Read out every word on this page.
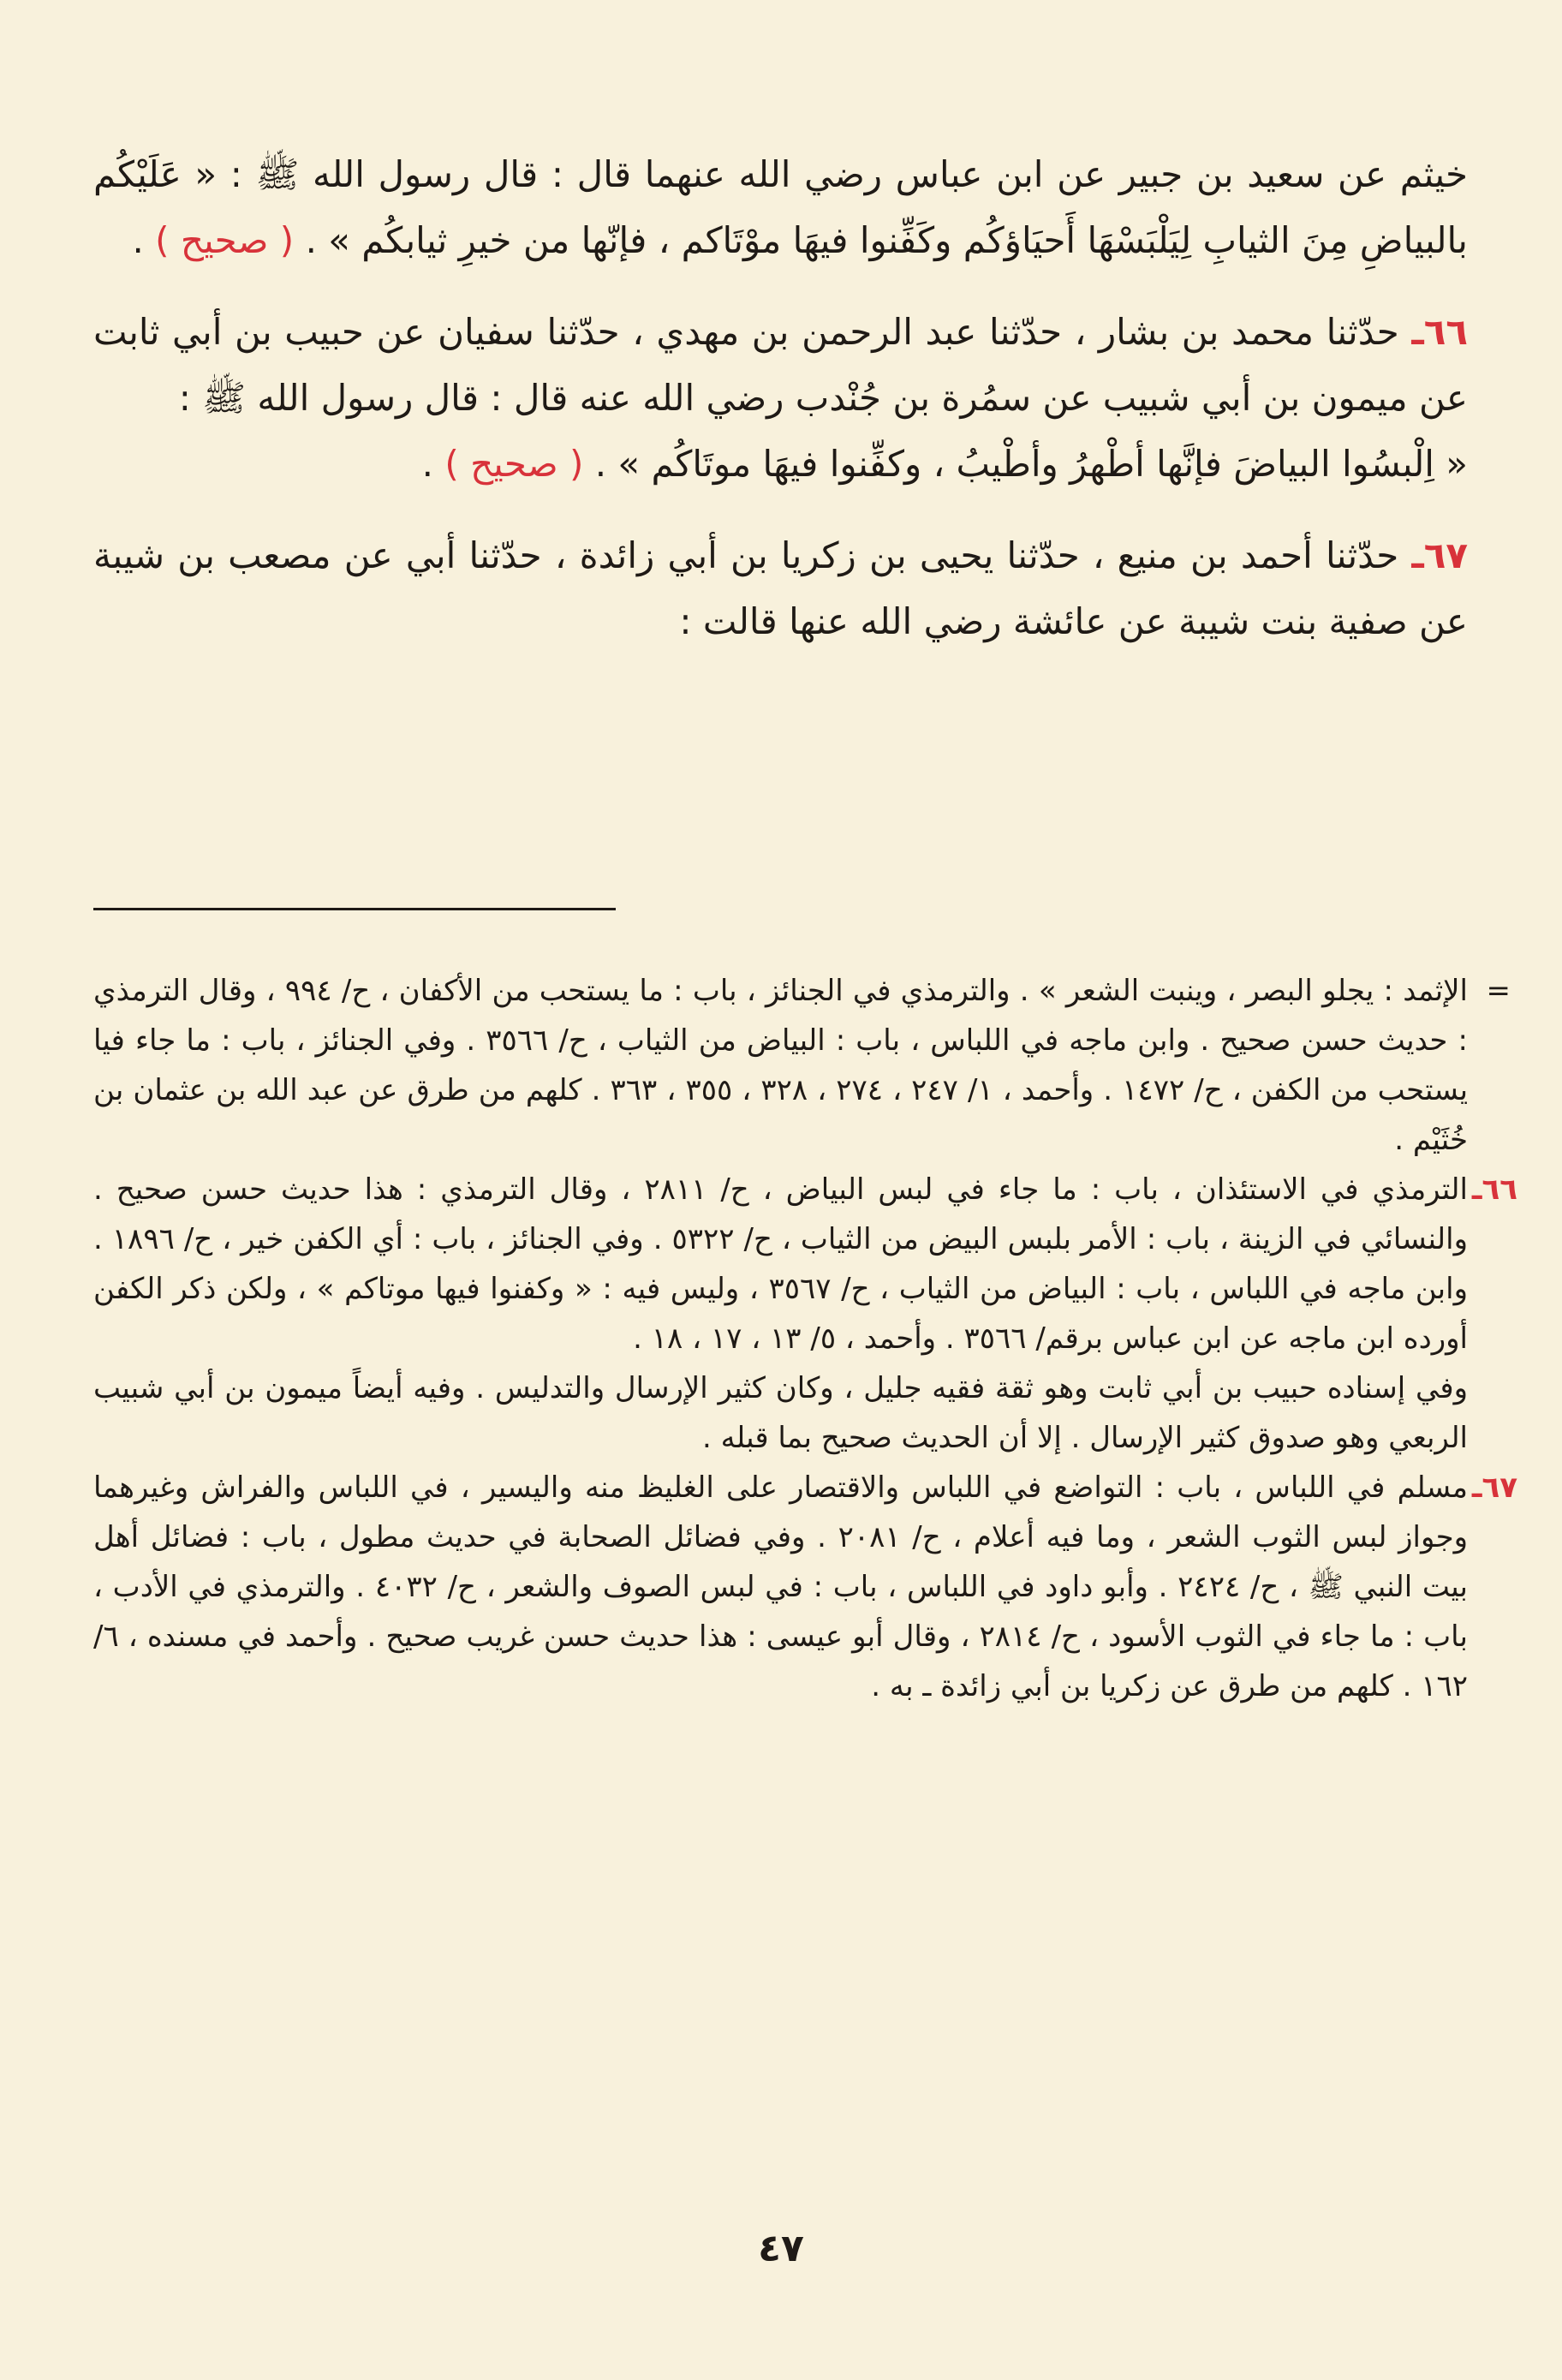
خيثم عن سعيد بن جبير عن ابن عباس رضي الله عنهما قال : قال رسول الله ﷺ : « عَلَيْكُم بالبياضِ مِنَ الثيابِ لِيَلْبَسْهَا أَحيَاؤكُم وكَفِّنوا فيهَا موْتَاكم ، فإنّها من خيرِ ثيابكُم » . ( صحيح ) .

٦٦ـ حدّثنا محمد بن بشار ، حدّثنا عبد الرحمن بن مهدي ، حدّثنا سفيان عن حبيب بن أبي ثابت عن ميمون بن أبي شبيب عن سمُرة بن جُنْدب رضي الله عنه قال : قال رسول الله ﷺ :

« اِلْبسُوا البياضَ فإنَّها أطْهرُ وأطْيبُ ، وكفِّنوا فيهَا موتَاكُم » . ( صحيح ) .

٦٧ـ حدّثنا أحمد بن منيع ، حدّثنا يحيى بن زكريا بن أبي زائدة ، حدّثنا أبي عن مصعب بن شيبة عن صفية بنت شيبة عن عائشة رضي الله عنها قالت :

=
الإثمد : يجلو البصر ، وينبت الشعر » . والترمذي في الجنائز ، باب : ما يستحب من الأكفان ، ح/ ٩٩٤ ، وقال الترمذي : حديث حسن صحيح . وابن ماجه في اللباس ، باب : البياض من الثياب ، ح/ ٣٥٦٦ . وفي الجنائز ، باب : ما جاء فيا يستحب من الكفن ، ح/ ١٤٧٢ . وأحمد ، ١/ ٢٤٧ ، ٢٧٤ ، ٣٢٨ ، ٣٥٥ ، ٣٦٣ . كلهم من طرق عن عبد الله بن عثمان بن خُثَيْم .

٦٦ـ
الترمذي في الاستئذان ، باب : ما جاء في لبس البياض ، ح/ ٢٨١١ ، وقال الترمذي : هذا حديث حسن صحيح . والنسائي في الزينة ، باب : الأمر بلبس البيض من الثياب ، ح/ ٥٣٢٢ . وفي الجنائز ، باب : أي الكفن خير ، ح/ ١٨٩٦ . وابن ماجه في اللباس ، باب : البياض من الثياب ، ح/ ٣٥٦٧ ، وليس فيه : « وكفنوا فيها موتاكم » ، ولكن ذكر الكفن أورده ابن ماجه عن ابن عباس برقم/ ٣٥٦٦ . وأحمد ، ٥/ ١٣ ، ١٧ ، ١٨ .

وفي إسناده حبيب بن أبي ثابت وهو ثقة فقيه جليل ، وكان كثير الإرسال والتدليس . وفيه أيضاً ميمون بن أبي شبيب الربعي وهو صدوق كثير الإرسال . إلا أن الحديث صحيح بما قبله .

٦٧ـ
مسلم في اللباس ، باب : التواضع في اللباس والاقتصار على الغليظ منه واليسير ، في اللباس والفراش وغيرهما وجواز لبس الثوب الشعر ، وما فيه أعلام ، ح/ ٢٠٨١ . وفي فضائل الصحابة في حديث مطول ، باب : فضائل أهل بيت النبي ﷺ ، ح/ ٢٤٢٤ . وأبو داود في اللباس ، باب : في لبس الصوف والشعر ، ح/ ٤٠٣٢ . والترمذي في الأدب ، باب : ما جاء في الثوب الأسود ، ح/ ٢٨١٤ ، وقال أبو عيسى : هذا حديث حسن غريب صحيح . وأحمد في مسنده ، ٦/ ١٦٢ . كلهم من طرق عن زكريا بن أبي زائدة ـ به .

٤٧
